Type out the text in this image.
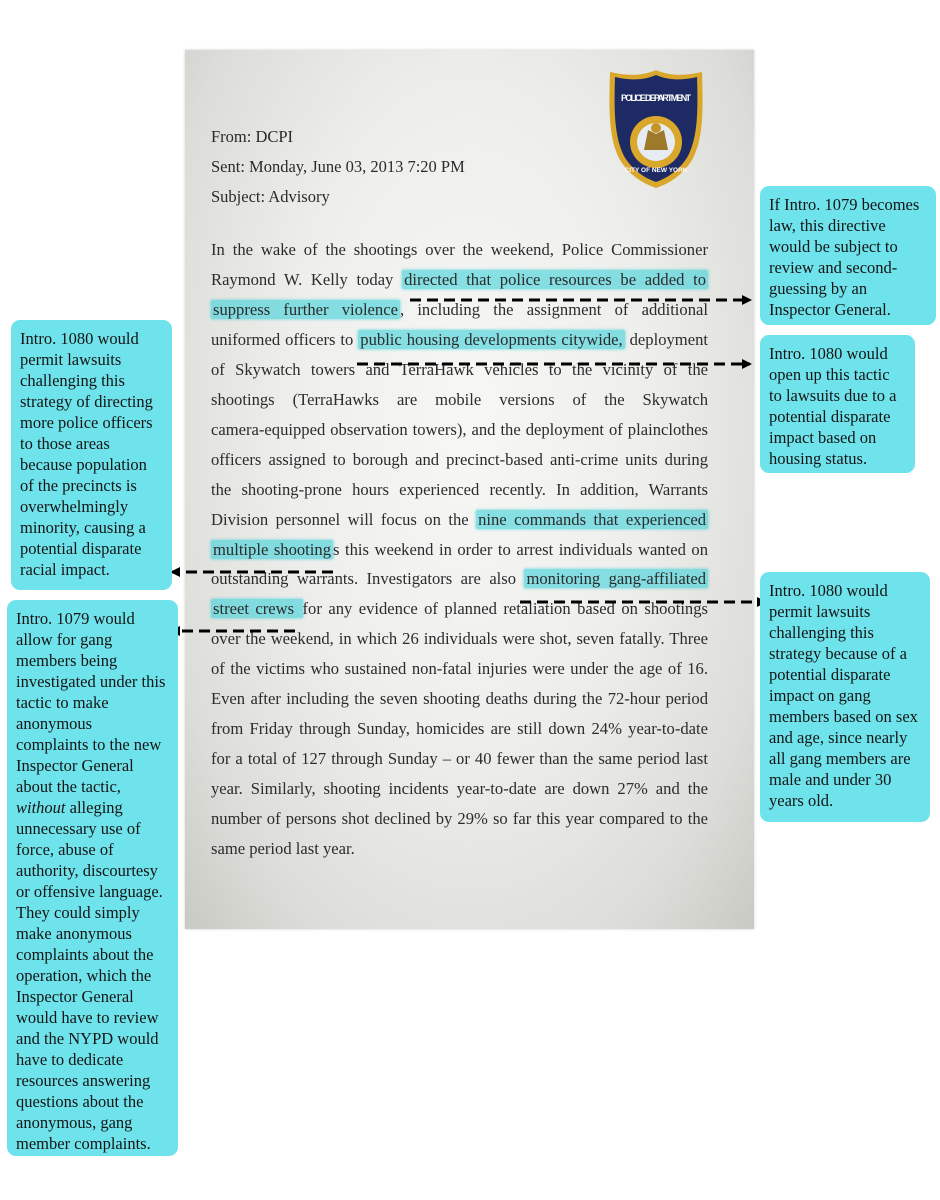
POLICE DEPARTMENT
CITY OF NEW YORK
From: DCPI
Sent: Monday, June 03, 2013 7:20 PM
Subject: Advisory
In the wake of the shootings over the weekend, Police Commissioner
Raymond W. Kelly today directed that police resources be added to
suppress further violence , including the assignment of additional
uniformed officers to public housing developments citywide, deployment
of Skywatch towers and TerraHawk vehicles to the vicinity of the
shootings (TerraHawks are mobile versions of the Skywatch
camera-equipped observation towers), and the deployment of plainclothes
officers assigned to borough and precinct-based anti-crime units during
the shooting-prone hours experienced recently. In addition, Warrants
Division personnel will focus on the nine commands that experienced
multiple shooting s this weekend in order to arrest individuals wanted on
outstanding warrants. Investigators are also monitoring gang-affiliated
street crews for any evidence of planned retaliation based on shootings
over the weekend, in which 26 individuals were shot, seven fatally. Three
of the victims who sustained non-fatal injuries were under the age of 16.
Even after including the seven shooting deaths during the 72-hour period
from Friday through Sunday, homicides are still down 24% year-to-date
for a total of 127 through Sunday – or 40 fewer than the same period last
year. Similarly, shooting incidents year-to-date are down 27% and the
number of persons shot declined by 29% so far this year compared to the
same period last year.
If Intro. 1079 becomes law, this directive would be subject to review and second-guessing by an Inspector General.
Intro. 1080 would open up this tactic to lawsuits due to a potential disparate impact based on housing status.
Intro. 1080 would permit lawsuits challenging this strategy of directing more police officers to those areas because population of the precincts is overwhelmingly minority, causing a potential disparate racial impact.
Intro. 1080 would permit lawsuits challenging this strategy because of a potential disparate impact on gang members based on sex and age, since nearly all gang members are male and under 30 years old.
Intro. 1079 would allow for gang members being investigated under this tactic to make anonymous complaints to the new Inspector General about the tactic, without alleging unnecessary use of force, abuse of authority, discourtesy or offensive language. They could simply make anonymous complaints about the operation, which the Inspector General would have to review and the NYPD would have to dedicate resources answering questions about the anonymous, gang member complaints.
